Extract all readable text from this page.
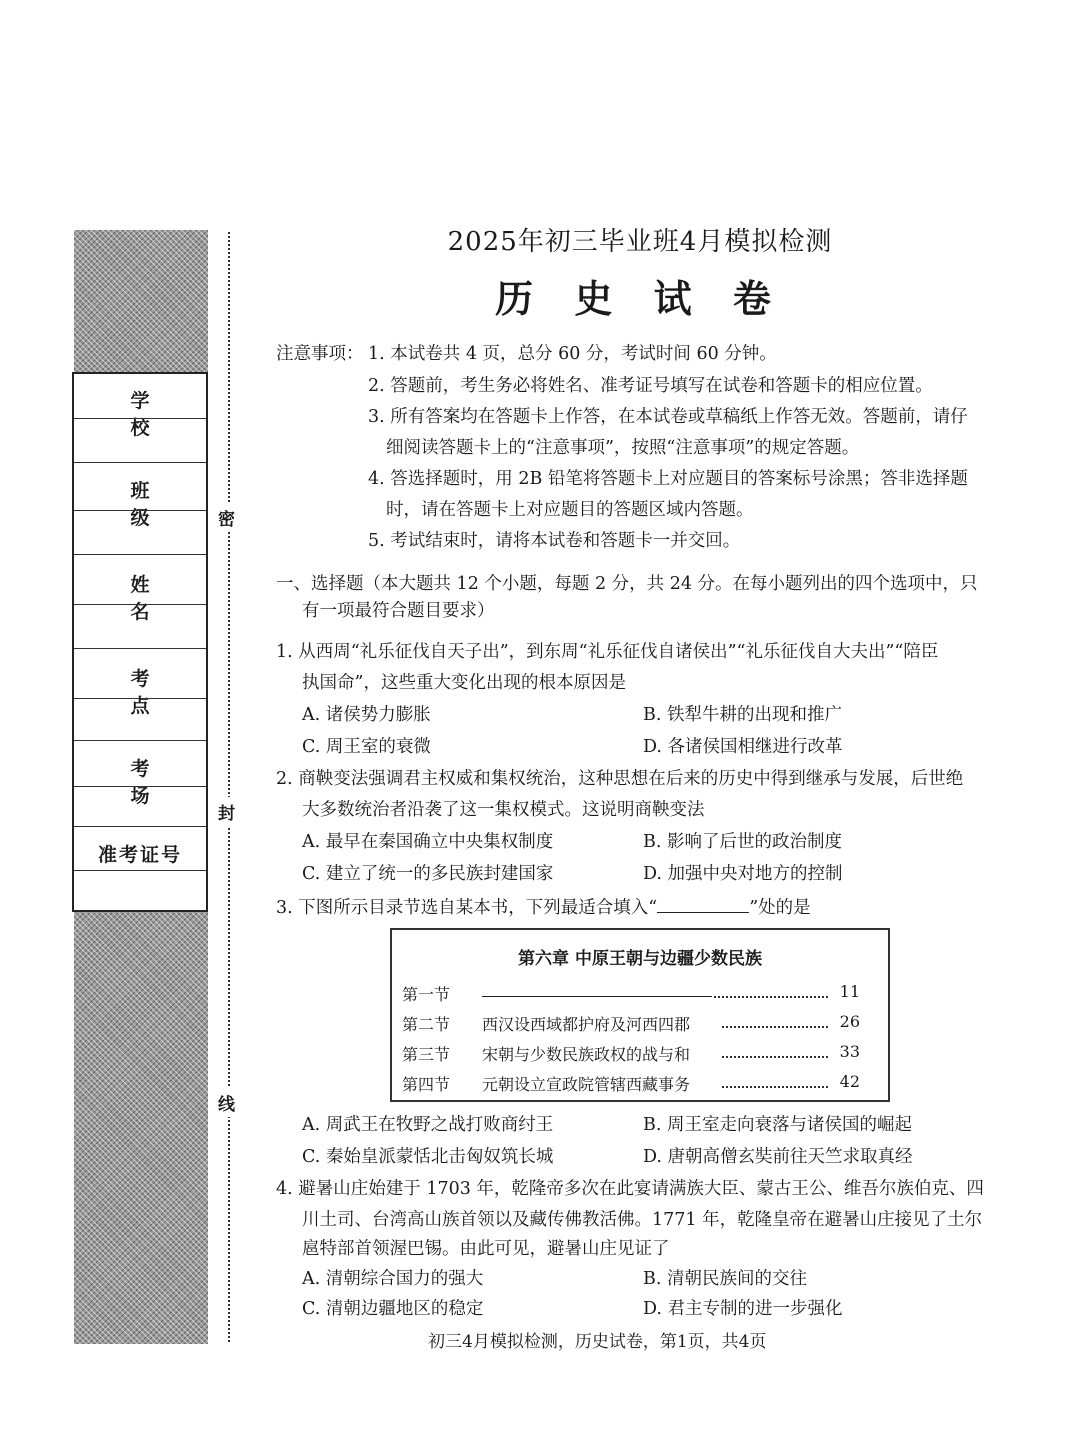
学 校
班 级
姓 名
考 点
考 场
准考证号
密
封
线
2025年初三毕业班4月模拟检测
历 史 试 卷
注意事项： 1. 本试卷共 4 页，总分 60 分，考试时间 60 分钟。
2. 答题前，考生务必将姓名、准考证号填写在试卷和答题卡的相应位置。
3. 所有答案均在答题卡上作答，在本试卷或草稿纸上作答无效。答题前，请仔
细阅读答题卡上的“注意事项”，按照“注意事项”的规定答题。
4. 答选择题时，用 2B 铅笔将答题卡上对应题目的答案标号涂黑；答非选择题
时，请在答题卡上对应题目的答题区域内答题。
5. 考试结束时，请将本试卷和答题卡一并交回。
一、选择题（本大题共 12 个小题，每题 2 分，共 24 分。在每小题列出的四个选项中，只
有一项最符合题目要求）
1. 从西周“礼乐征伐自天子出”，到东周“礼乐征伐自诸侯出”“礼乐征伐自大夫出”“陪臣
执国命”，这些重大变化出现的根本原因是
A. 诸侯势力膨胀	B. 铁犁牛耕的出现和推广
C. 周王室的衰微	D. 各诸侯国相继进行改革
2. 商鞅变法强调君主权威和集权统治，这种思想在后来的历史中得到继承与发展，后世绝
大多数统治者沿袭了这一集权模式。这说明商鞅变法
A. 最早在秦国确立中央集权制度	B. 影响了后世的政治制度
C. 建立了统一的多民族封建国家	D. 加强中央对地方的控制
3. 下图所示目录节选自某本书，下列最适合填入“	”处的是
第六章 中原王朝与边疆少数民族
第一节	11
第二节 西汉设西域都护府及河西四郡	26
第三节 宋朝与少数民族政权的战与和	33
第四节 元朝设立宣政院管辖西藏事务	42
A. 周武王在牧野之战打败商纣王	B. 周王室走向衰落与诸侯国的崛起
C. 秦始皇派蒙恬北击匈奴筑长城	D. 唐朝高僧玄奘前往天竺求取真经
4. 避暑山庄始建于 1703 年，乾隆帝多次在此宴请满族大臣、蒙古王公、维吾尔族伯克、四
川土司、台湾高山族首领以及藏传佛教活佛。1771 年，乾隆皇帝在避暑山庄接见了土尔
扈特部首领渥巴锡。由此可见，避暑山庄见证了
A. 清朝综合国力的强大	B. 清朝民族间的交往
C. 清朝边疆地区的稳定	D. 君主专制的进一步强化
初三4月模拟检测，历史试卷，第1页，共4页
